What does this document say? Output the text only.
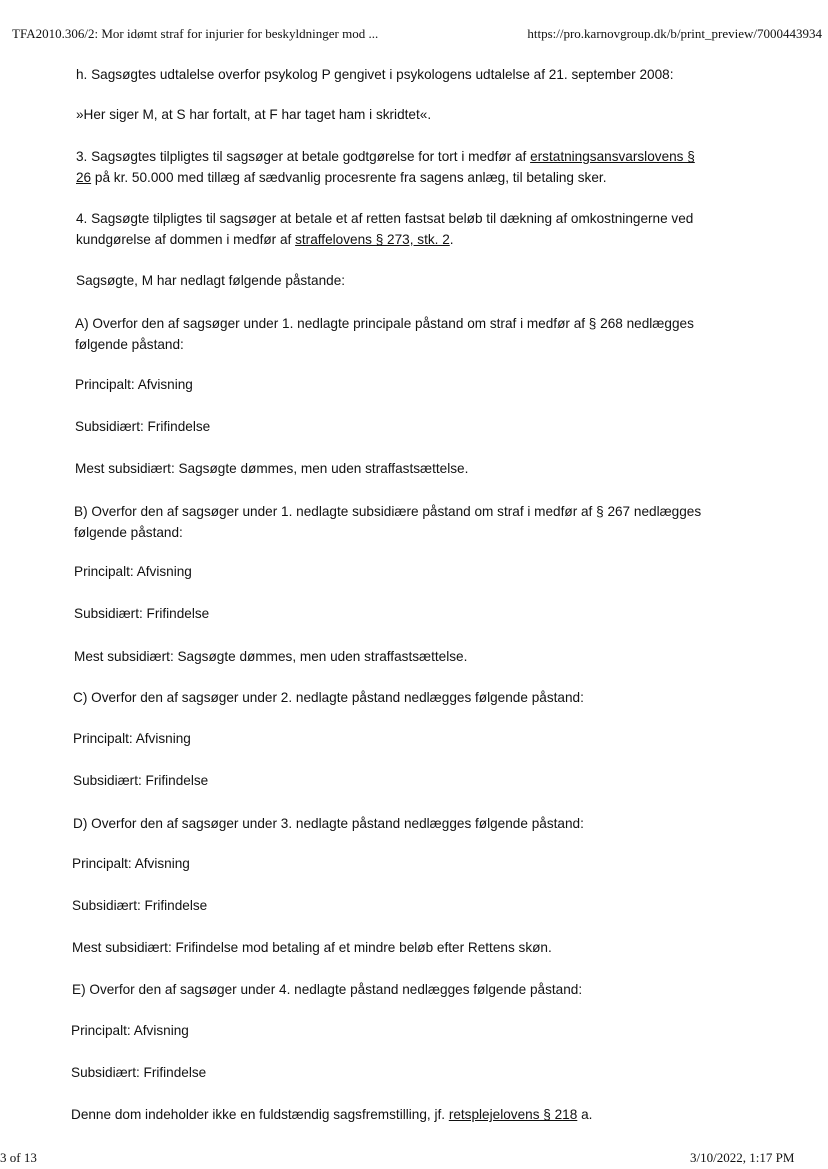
TFA2010.306/2: Mor idømt straf for injurier for beskyldninger mod ...	https://pro.karnovgroup.dk/b/print_preview/7000443934
h. Sagsøgtes udtalelse overfor psykolog P gengivet i psykologens udtalelse af 21. september 2008:
»Her siger M, at S har fortalt, at F har taget ham i skridtet«.
3. Sagsøgtes tilpligtes til sagsøger at betale godtgørelse for tort i medfør af erstatningsansvarslovens §
26 på kr. 50.000 med tillæg af sædvanlig procesrente fra sagens anlæg, til betaling sker.
4. Sagsøgte tilpligtes til sagsøger at betale et af retten fastsat beløb til dækning af omkostningerne ved
kundgørelse af dommen i medfør af straffelovens § 273, stk. 2.
Sagsøgte, M har nedlagt følgende påstande:
A) Overfor den af sagsøger under 1. nedlagte principale påstand om straf i medfør af § 268 nedlægges
følgende påstand:
Principalt: Afvisning
Subsidiært: Frifindelse
Mest subsidiært: Sagsøgte dømmes, men uden straffastsættelse.
B) Overfor den af sagsøger under 1. nedlagte subsidiære påstand om straf i medfør af § 267 nedlægges
følgende påstand:
Principalt: Afvisning
Subsidiært: Frifindelse
Mest subsidiært: Sagsøgte dømmes, men uden straffastsættelse.
C) Overfor den af sagsøger under 2. nedlagte påstand nedlægges følgende påstand:
Principalt: Afvisning
Subsidiært: Frifindelse
D) Overfor den af sagsøger under 3. nedlagte påstand nedlægges følgende påstand:
Principalt: Afvisning
Subsidiært: Frifindelse
Mest subsidiært: Frifindelse mod betaling af et mindre beløb efter Rettens skøn.
E) Overfor den af sagsøger under 4. nedlagte påstand nedlægges følgende påstand:
Principalt: Afvisning
Subsidiært: Frifindelse
Denne dom indeholder ikke en fuldstændig sagsfremstilling, jf. retsplejelovens § 218 a.
3 of 13	3/10/2022, 1:17 PM
